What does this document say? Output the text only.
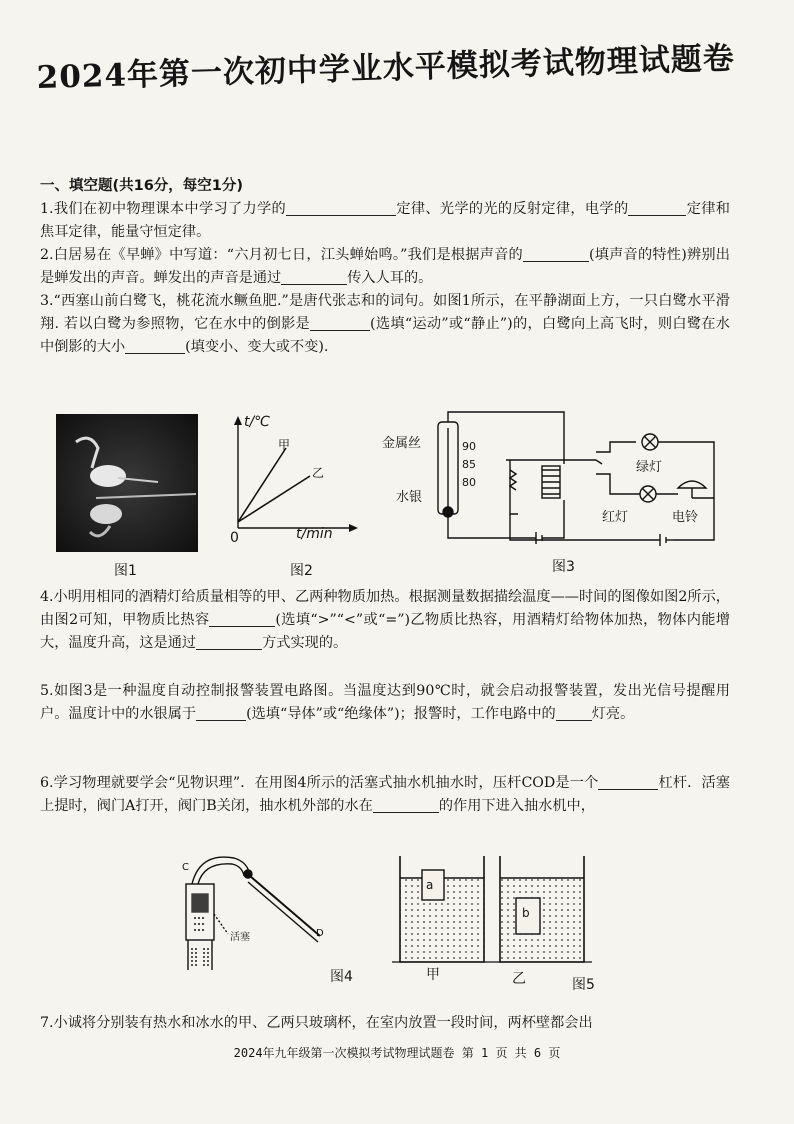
2024年第一次初中学业水平模拟考试物理试题卷
一、填空题(共16分，每空1分)
1.我们在初中物理课本中学习了力学的	定律、光学的光的反射定律，电学的	定律和焦耳定律，能量守恒定律。
2.白居易在《早蝉》中写道：“六月初七日，江头蝉始鸣。”我们是根据声音的	(填声音的特性)辨别出是蝉发出的声音。蝉发出的声音是通过	传入人耳的。
3.“西塞山前白鹭飞，桃花流水鳜鱼肥.”是唐代张志和的词句。如图1所示，在平静湖面上方，一只白鹭水平滑翔. 若以白鹭为参照物，它在水中的倒影是	(选填“运动”或“静止”)的，白鹭向上高飞时，则白鹭在水中倒影的大小	(填变小、变大或不变).
图1
t/℃
t/min
0
甲
乙
图2
金属丝
水银
90
85
80
绿灯
红灯	电铃
图3
4.小明用相同的酒精灯给质量相等的甲、乙两种物质加热。根据测量数据描绘温度——时间的图像如图2所示，由图2可知，甲物质比热容	(选填“>”“<”或“=”)乙物质比热容，用酒精灯给物体加热，物体内能增大，温度升高，这是通过	方式实现的。
5.如图3是一种温度自动控制报警装置电路图。当温度达到90℃时，就会启动报警装置，发出光信号提醒用户。温度计中的水银属于	(选填“导体”或“绝缘体”)；报警时，工作电路中的	灯亮。
6.学习物理就要学会“见物识理”．在用图4所示的活塞式抽水机抽水时，压杆COD是一个	杠杆．活塞上提时，阀门A打开，阀门B关闭，抽水机外部的水在	的作用下进入抽水机中，
C
D
活塞
图4
a
b
甲	乙	图5
7.小诚将分别装有热水和冰水的甲、乙两只玻璃杯，在室内放置一段时间，两杯壁都会出
2024年九年级第一次模拟考试物理试题卷 第 1 页 共 6 页
